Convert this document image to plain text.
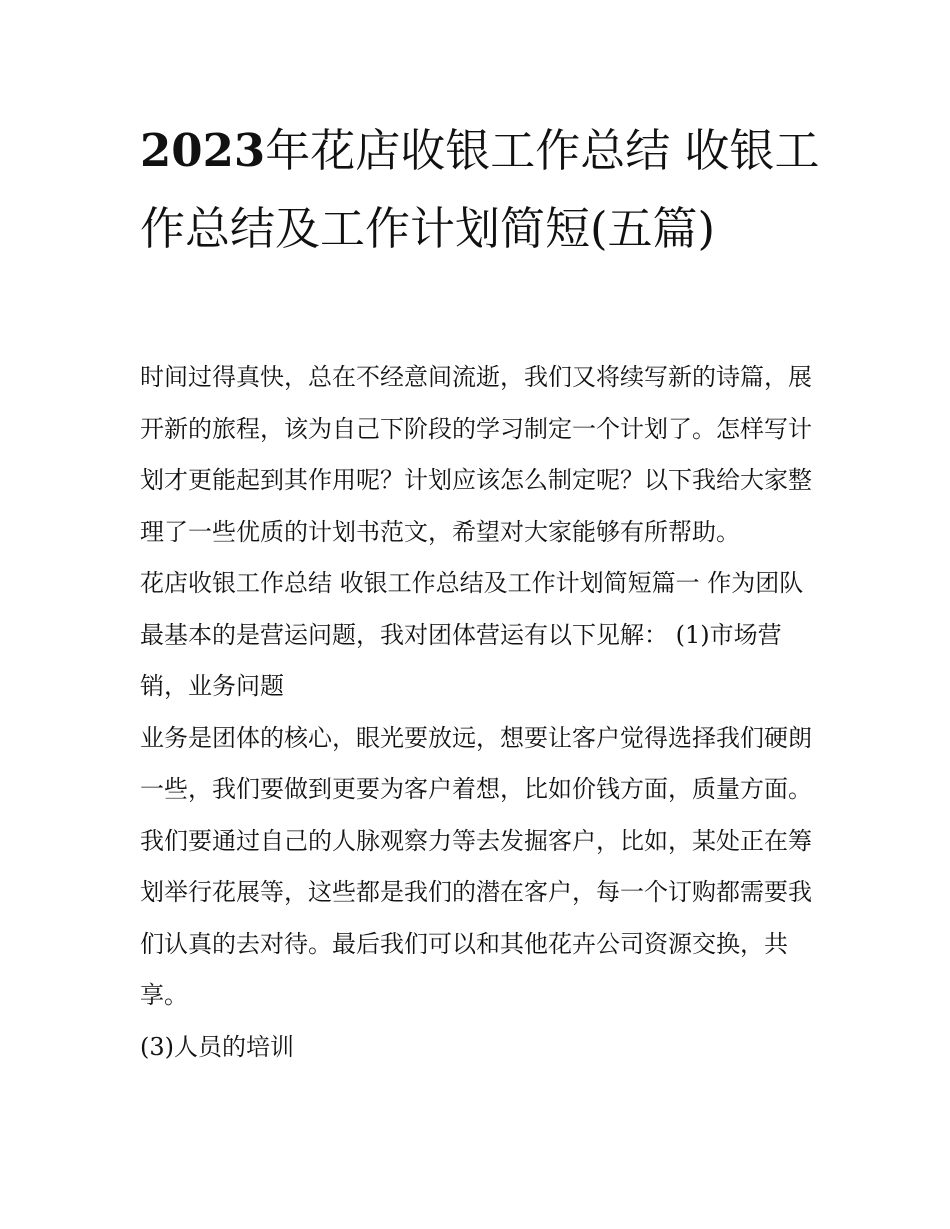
2023年花店收银工作总结 收银工作总结及工作计划简短(五篇)

时间过得真快，总在不经意间流逝，我们又将续写新的诗篇，展开新的旅程，该为自己下阶段的学习制定一个计划了。怎样写计划才更能起到其作用呢？计划应该怎么制定呢？以下我给大家整理了一些优质的计划书范文，希望对大家能够有所帮助。

花店收银工作总结 收银工作总结及工作计划简短篇一 作为团队最基本的是营运问题，我对团体营运有以下见解： (1)市场营销，业务问题

业务是团体的核心，眼光要放远，想要让客户觉得选择我们硬朗一些，我们要做到更要为客户着想，比如价钱方面，质量方面。我们要通过自己的人脉观察力等去发掘客户，比如，某处正在筹划举行花展等，这些都是我们的潜在客户，每一个订购都需要我们认真的去对待。最后我们可以和其他花卉公司资源交换，共享。

(3)人员的培训
